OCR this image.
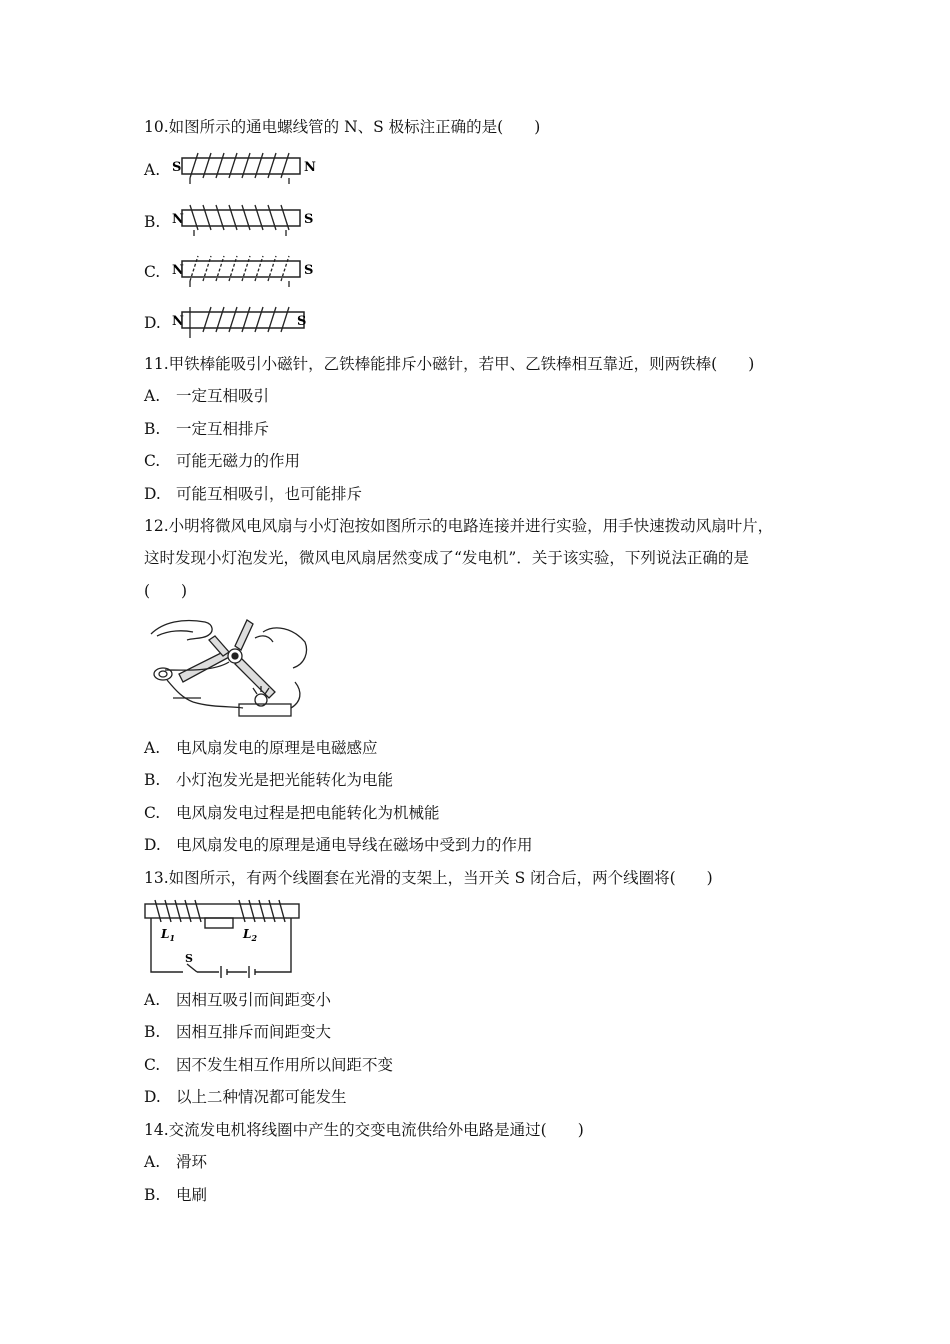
10.如图所示的通电螺线管的 N、S 极标注正确的是(　　)
A. S	N
B. N	S
C. N	S
D. N	S
11.甲铁棒能吸引小磁针，乙铁棒能排斥小磁针，若甲、乙铁棒相互靠近，则两铁棒(　　)
A. 一定互相吸引
B. 一定互相排斥
C. 可能无磁力的作用
D. 可能互相吸引，也可能排斥
12.小明将微风电风扇与小灯泡按如图所示的电路连接并进行实验，用手快速拨动风扇叶片，
这时发现小灯泡发光，微风电风扇居然变成了“发电机”．关于该实验，下列说法正确的是
(　　)
A. 电风扇发电的原理是电磁感应
B. 小灯泡发光是把光能转化为电能
C. 电风扇发电过程是把电能转化为机械能
D. 电风扇发电的原理是通电导线在磁场中受到力的作用
13.如图所示，有两个线圈套在光滑的支架上，当开关 S 闭合后，两个线圈将(　　)
$L_1$	$L_2$
S
A. 因相互吸引而间距变小
B. 因相互排斥而间距变大
C. 因不发生相互作用所以间距不变
D. 以上二种情况都可能发生
14.交流发电机将线圈中产生的交变电流供给外电路是通过(　　)
A. 滑环
B. 电刷
